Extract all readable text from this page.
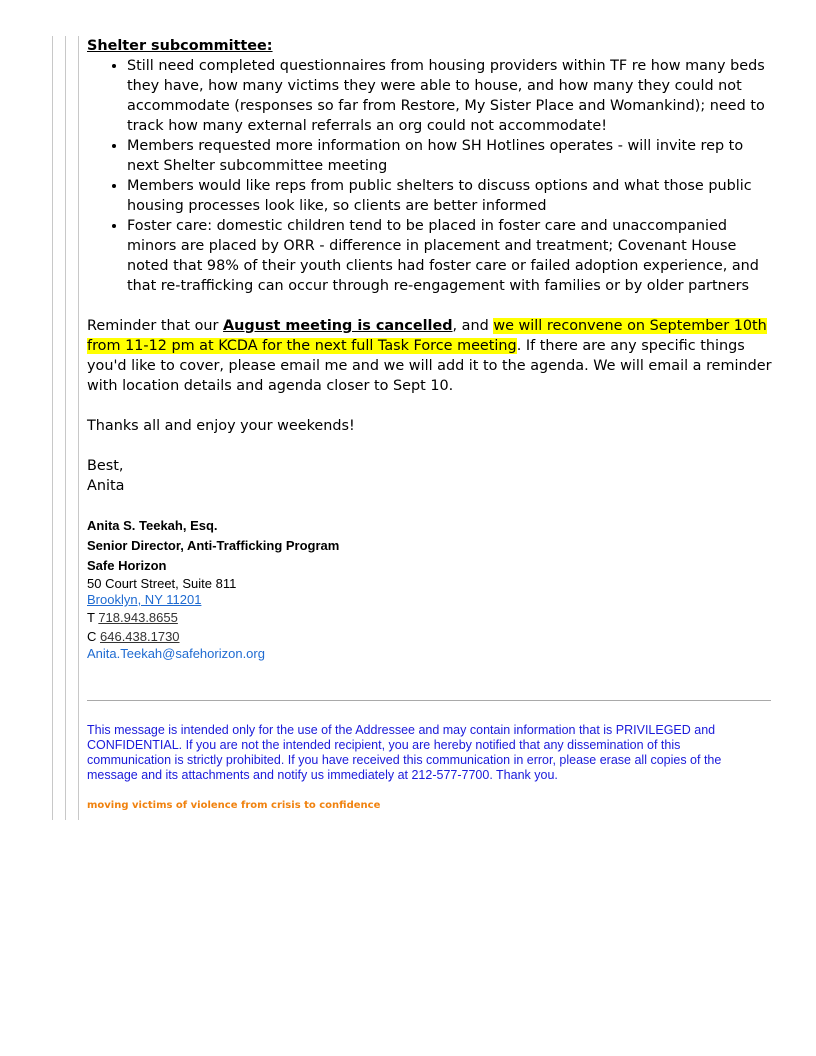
Shelter subcommittee:
• Still need completed questionnaires from housing providers within TF re how many beds they have, how many victims they were able to house, and how many they could not accommodate (responses so far from Restore, My Sister Place and Womankind); need to track how many external referrals an org could not accommodate!
• Members requested more information on how SH Hotlines operates - will invite rep to next Shelter subcommittee meeting
• Members would like reps from public shelters to discuss options and what those public housing processes look like, so clients are better informed
• Foster care: domestic children tend to be placed in foster care and unaccompanied minors are placed by ORR - difference in placement and treatment; Covenant House noted that 98% of their youth clients had foster care or failed adoption experience, and that re-trafficking can occur through re-engagement with families or by older partners

Reminder that our August meeting is cancelled, and we will reconvene on September 10th from 11-12 pm at KCDA for the next full Task Force meeting. If there are any specific things you'd like to cover, please email me and we will add it to the agenda. We will email a reminder with location details and agenda closer to Sept 10.

Thanks all and enjoy your weekends!

Best,

Anita

Anita S. Teekah, Esq.
Senior Director, Anti-Trafficking Program
Safe Horizon
50 Court Street, Suite 811
Brooklyn, NY 11201
T 718.943.8655
C 646.438.1730
Anita.Teekah@safehorizon.org
This message is intended only for the use of the Addressee and may contain information that is PRIVILEGED and CONFIDENTIAL. If you are not the intended recipient, you are hereby notified that any dissemination of this communication is strictly prohibited. If you have received this communication in error, please erase all copies of the message and its attachments and notify us immediately at 212-577-7700. Thank you.
moving victims of violence from crisis to confidence
